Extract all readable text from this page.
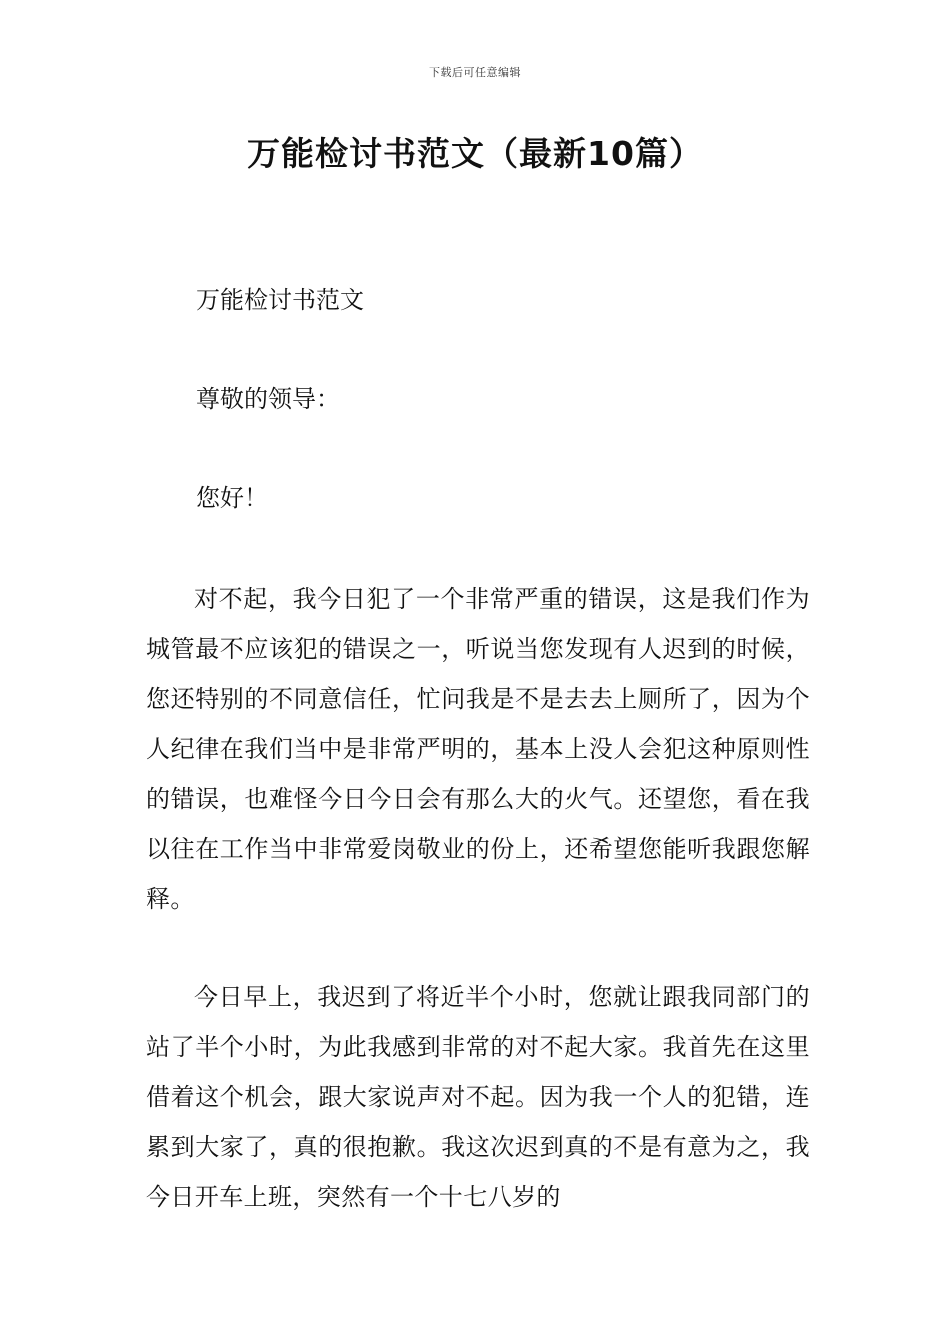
下载后可任意编辑
万能检讨书范文（最新10篇）
万能检讨书范文
尊敬的领导：
您好！
对不起，我今日犯了一个非常严重的错误，这是我们作为城管最不应该犯的错误之一，听说当您发现有人迟到的时候，您还特别的不同意信任，忙问我是不是去去上厕所了，因为个人纪律在我们当中是非常严明的，基本上没人会犯这种原则性的错误，也难怪今日今日会有那么大的火气。还望您，看在我以往在工作当中非常爱岗敬业的份上，还希望您能听我跟您解释。
今日早上，我迟到了将近半个小时，您就让跟我同部门的站了半个小时，为此我感到非常的对不起大家。我首先在这里借着这个机会，跟大家说声对不起。因为我一个人的犯错，连累到大家了，真的很抱歉。我这次迟到真的不是有意为之，我今日开车上班，突然有一个十七八岁的
